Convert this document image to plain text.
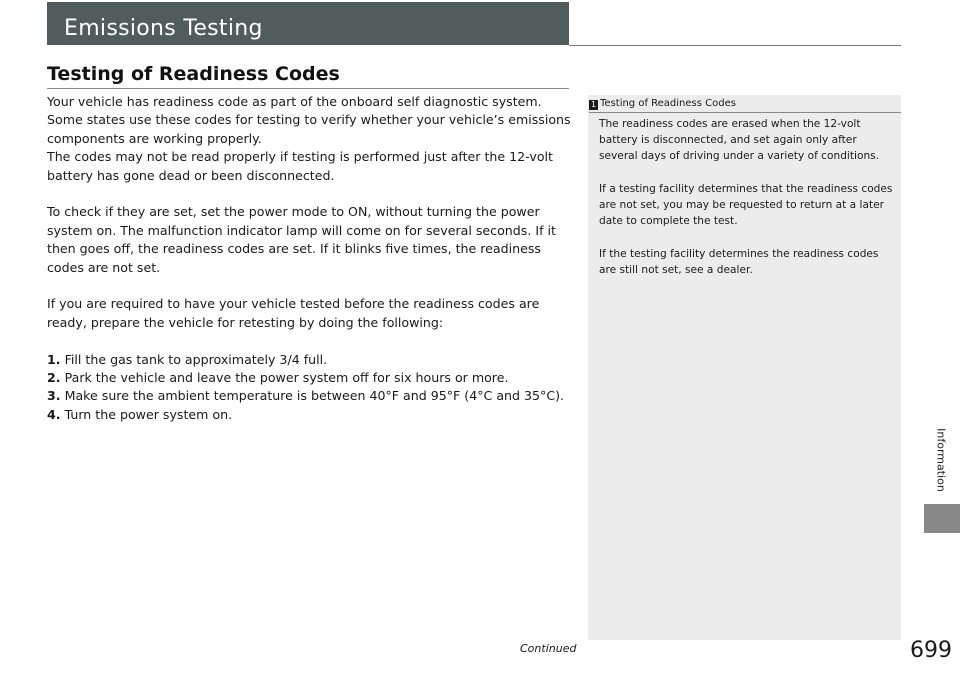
Emissions Testing
Testing of Readiness Codes

Your vehicle has readiness code as part of the onboard self diagnostic system. Some states use these codes for testing to verify whether your vehicle’s emissions components are working properly.

The codes may not be read properly if testing is performed just after the 12-volt battery has gone dead or been disconnected.

To check if they are set, set the power mode to ON, without turning the power system on. The malfunction indicator lamp will come on for several seconds. If it then goes off, the readiness codes are set. If it blinks five times, the readiness codes are not set.

If you are required to have your vehicle tested before the readiness codes are ready, prepare the vehicle for retesting by doing the following:

1. Fill the gas tank to approximately 3/4 full.
2. Park the vehicle and leave the power system off for six hours or more.
3. Make sure the ambient temperature is between 40°F and 95°F (4°C and 35°C).
4. Turn the power system on.
1 Testing of Readiness Codes

The readiness codes are erased when the 12-volt battery is disconnected, and set again only after several days of driving under a variety of conditions.

If a testing facility determines that the readiness codes are not set, you may be requested to return at a later date to complete the test.

If the testing facility determines the readiness codes are still not set, see a dealer.

Information
Continued	699
